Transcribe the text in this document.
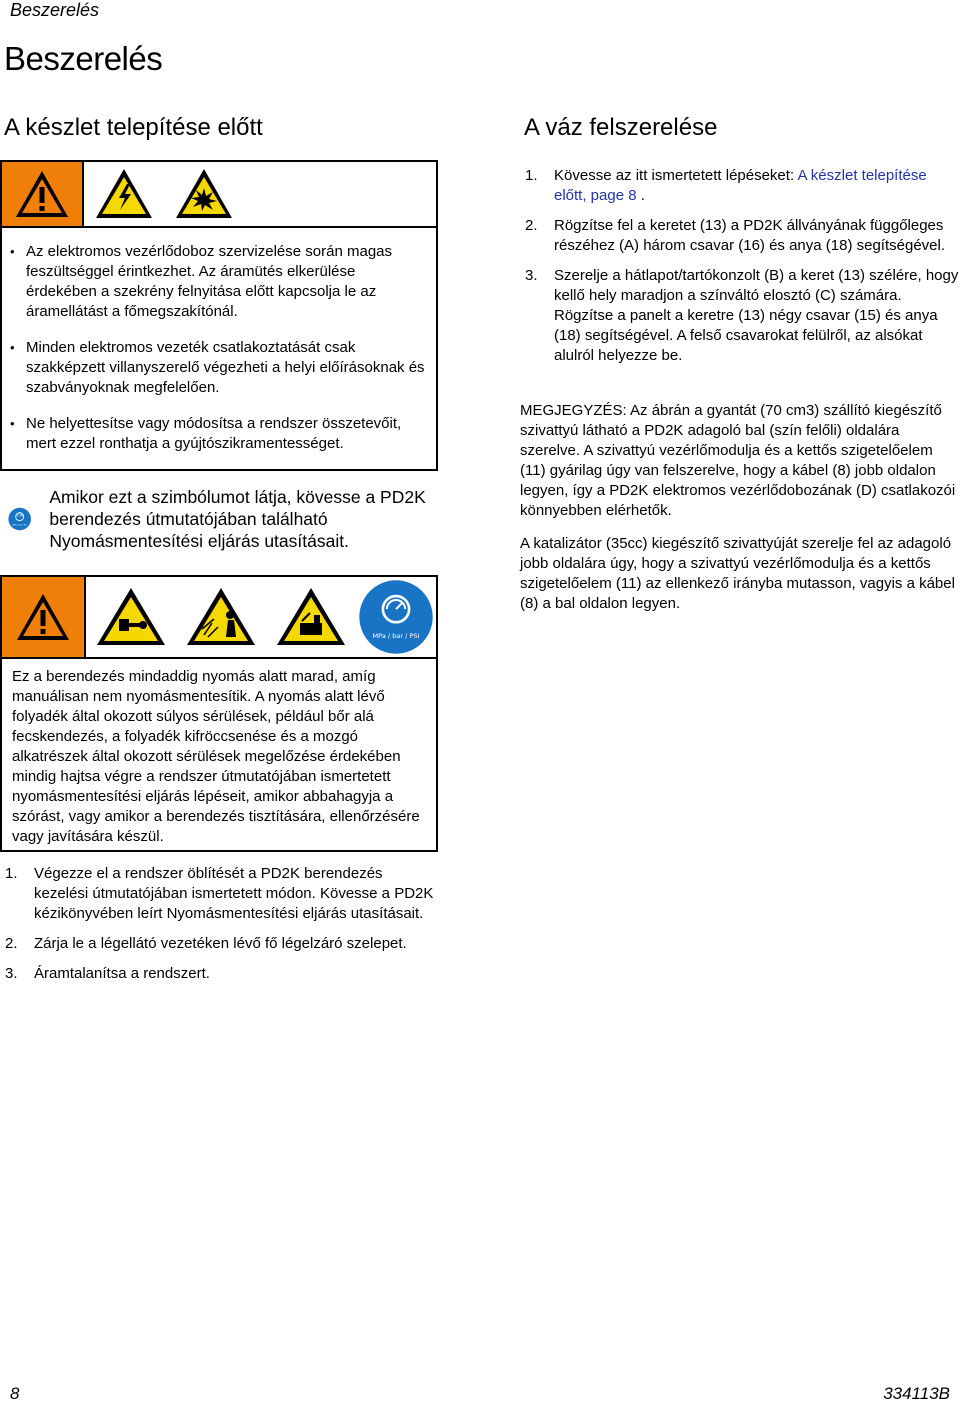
Beszerelés
Beszerelés
A készlet telepítése előtt
• Az elektromos vezérlődoboz szervizelése során magas feszültséggel érintkezhet. Az áramütés elkerülése érdekében a szekrény felnyitása előtt kapcsolja le az áramellátást a főmegszakítónál.
• Minden elektromos vezeték csatlakoztatását csak szakképzett villanyszerelő végezheti a helyi előírásoknak és szabványoknak megfelelően.
• Ne helyettesítse vagy módosítsa a rendszer összetevőit, mert ezzel ronthatja a gyújtószikramentességet.
MPa / bar / PSI
Amikor ezt a szimbólumot látja, kövesse a PD2K berendezés útmutatójában található Nyomásmentesítési eljárás utasításait.
MPa / bar / PSI
Ez a berendezés mindaddig nyomás alatt marad, amíg manuálisan nem nyomásmentesítik. A nyomás alatt lévő folyadék által okozott súlyos sérülések, például bőr alá fecskendezés, a folyadék kifröccsenése és a mozgó alkatrészek által okozott sérülések megelőzése érdekében mindig hajtsa végre a rendszer útmutatójában ismertetett nyomásmentesítési eljárás lépéseit, amikor abbahagyja a szórást, vagy amikor a berendezés tisztítására, ellenőrzésére vagy javítására készül.
1. Végezze el a rendszer öblítését a PD2K berendezés kezelési útmutatójában ismertetett módon. Kövesse a PD2K kézikönyvében leírt Nyomásmentesítési eljárás utasításait.
2. Zárja le a légellátó vezetéken lévő fő légelzáró szelepet.
3. Áramtalanítsa a rendszert.
A váz felszerelése
1. Kövesse az itt ismertetett lépéseket: A készlet telepítése előtt, page 8 .
2. Rögzítse fel a keretet (13) a PD2K állványának függőleges részéhez (A) három csavar (16) és anya (18) segítségével.
3. Szerelje a hátlapot/tartókonzolt (B) a keret (13) szélére, hogy kellő hely maradjon a színváltó elosztó (C) számára. Rögzítse a panelt a keretre (13) négy csavar (15) és anya (18) segítségével. A felső csavarokat felülről, az alsókat alulról helyezze be.
MEGJEGYZÉS: Az ábrán a gyantát (70 cm3) szállító kiegészítő szivattyú látható a PD2K adagoló bal (szín felőli) oldalára szerelve. A szivattyú vezérlőmodulja és a kettős szigetelőelem (11) gyárilag úgy van felszerelve, hogy a kábel (8) jobb oldalon legyen, így a PD2K elektromos vezérlődobozának (D) csatlakozói könnyebben elérhetők.
A katalizátor (35cc) kiegészítő szivattyúját szerelje fel az adagoló jobb oldalára úgy, hogy a szivattyú vezérlőmodulja és a kettős szigetelőelem (11) az ellenkező irányba mutasson, vagyis a kábel (8) a bal oldalon legyen.
8	334113B
